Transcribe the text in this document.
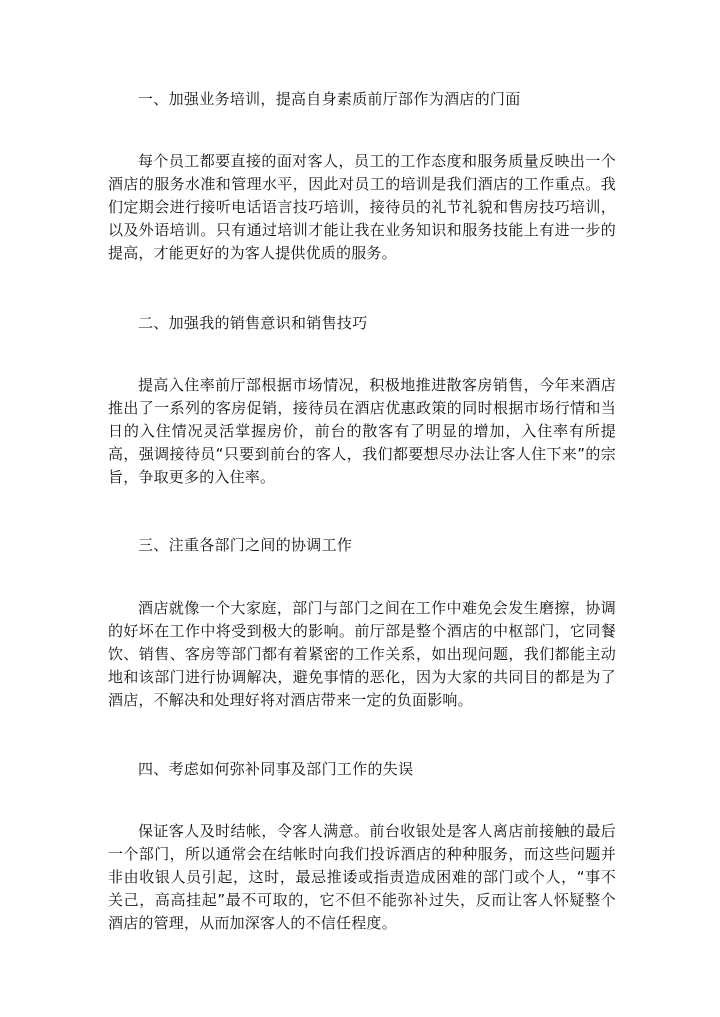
一、加强业务培训，提高自身素质前厅部作为酒店的门面
每个员工都要直接的面对客人，员工的工作态度和服务质量反映出一个酒店的服务水准和管理水平，因此对员工的培训是我们酒店的工作重点。我们定期会进行接听电话语言技巧培训，接待员的礼节礼貌和售房技巧培训，以及外语培训。只有通过培训才能让我在业务知识和服务技能上有进一步的提高，才能更好的为客人提供优质的服务。
二、加强我的销售意识和销售技巧
提高入住率前厅部根据市场情况，积极地推进散客房销售，今年来酒店推出了一系列的客房促销，接待员在酒店优惠政策的同时根据市场行情和当日的入住情况灵活掌握房价，前台的散客有了明显的增加，入住率有所提高，强调接待员“只要到前台的客人，我们都要想尽办法让客人住下来”的宗旨，争取更多的入住率。
三、注重各部门之间的协调工作
酒店就像一个大家庭，部门与部门之间在工作中难免会发生磨擦，协调的好坏在工作中将受到极大的影响。前厅部是整个酒店的中枢部门，它同餐饮、销售、客房等部门都有着紧密的工作关系，如出现问题，我们都能主动地和该部门进行协调解决，避免事情的恶化，因为大家的共同目的都是为了酒店，不解决和处理好将对酒店带来一定的负面影响。
四、考虑如何弥补同事及部门工作的失误
保证客人及时结帐，令客人满意。前台收银处是客人离店前接触的最后一个部门，所以通常会在结帐时向我们投诉酒店的种种服务，而这些问题并非由收银人员引起，这时，最忌推诿或指责造成困难的部门或个人，“事不关己，高高挂起”最不可取的，它不但不能弥补过失，反而让客人怀疑整个酒店的管理，从而加深客人的不信任程度。
